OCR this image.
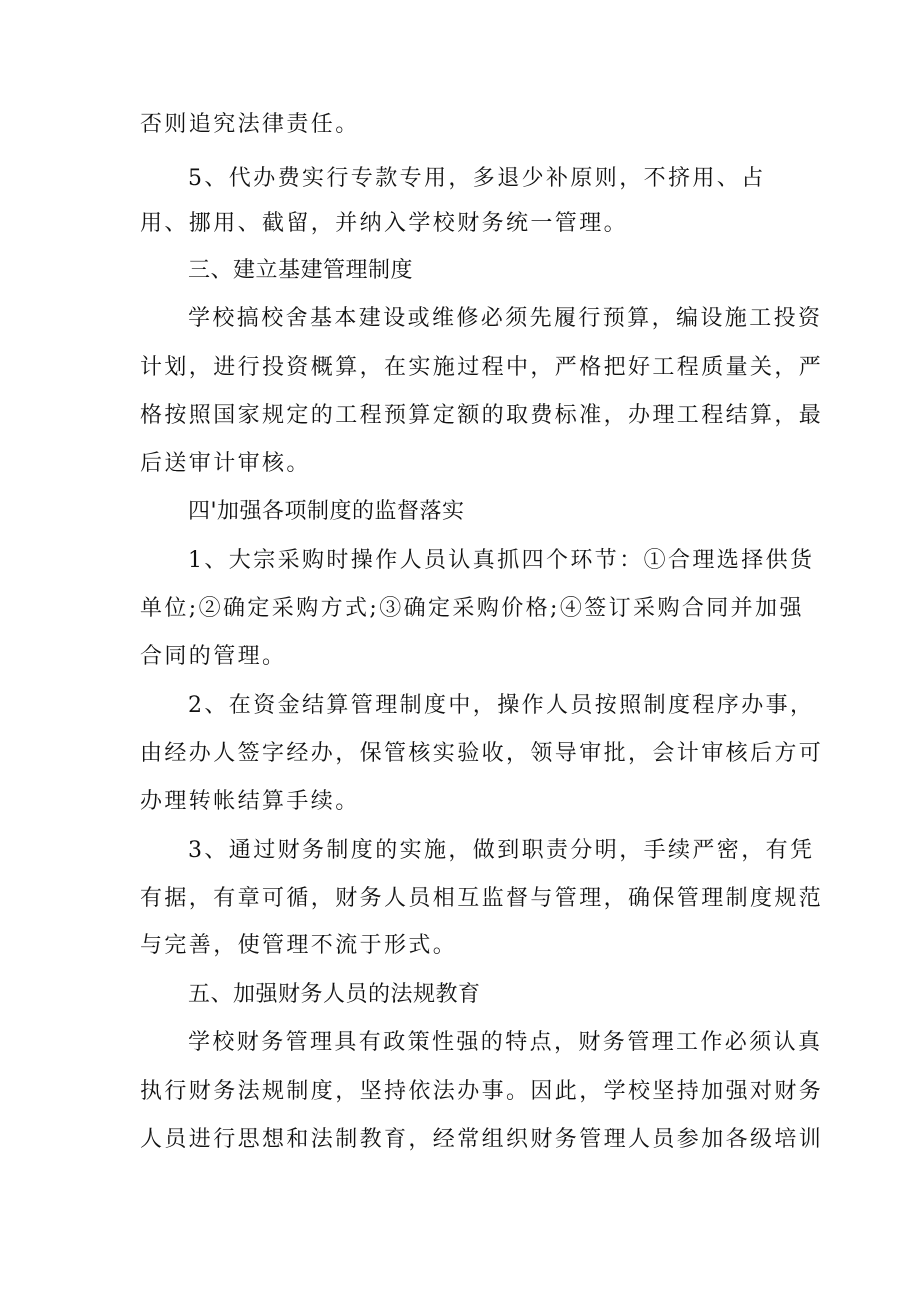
否则追究法律责任。
5、代办费实行专款专用，多退少补原则，不挤用、占
用、挪用、截留，并纳入学校财务统一管理。
三、建立基建管理制度
学校搞校舍基本建设或维修必须先履行预算，编设施工投资
计划，进行投资概算，在实施过程中，严格把好工程质量关，严
格按照国家规定的工程预算定额的取费标准，办理工程结算，最
后送审计审核。
四'加强各项制度的监督落实
1、大宗采购时操作人员认真抓四个环节：①合理选择供货
单位;②确定采购方式;③确定采购价格;④签订采购合同并加强
合同的管理。
2、在资金结算管理制度中，操作人员按照制度程序办事，
由经办人签字经办，保管核实验收，领导审批，会计审核后方可
办理转帐结算手续。
3、通过财务制度的实施，做到职责分明，手续严密，有凭
有据，有章可循，财务人员相互监督与管理，确保管理制度规范
与完善，使管理不流于形式。
五、加强财务人员的法规教育
学校财务管理具有政策性强的特点，财务管理工作必须认真
执行财务法规制度，坚持依法办事。因此，学校坚持加强对财务
人员进行思想和法制教育，经常组织财务管理人员参加各级培训
